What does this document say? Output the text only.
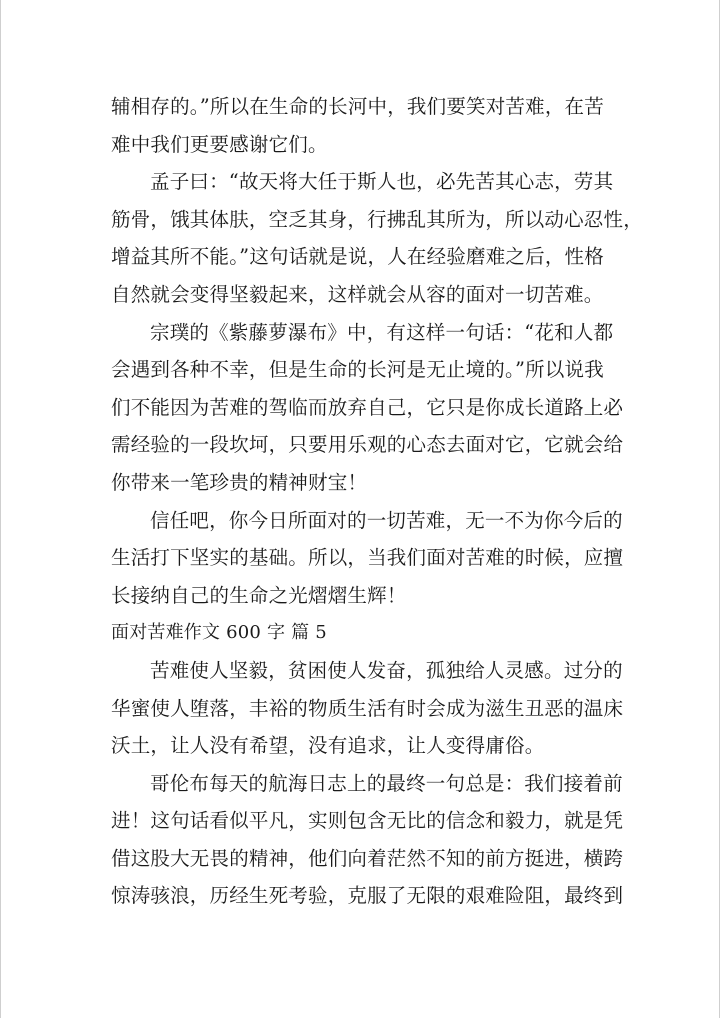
辅相存的。”所以在生命的长河中，我们要笑对苦难，在苦
难中我们更要感谢它们。
孟子曰：“故天将大任于斯人也，必先苦其心志，劳其
筋骨，饿其体肤，空乏其身，行拂乱其所为，所以动心忍性，
增益其所不能。”这句话就是说，人在经验磨难之后，性格
自然就会变得坚毅起来，这样就会从容的面对一切苦难。
宗璞的《紫藤萝瀑布》中，有这样一句话：“花和人都
会遇到各种不幸，但是生命的长河是无止境的。”所以说我
们不能因为苦难的驾临而放弃自己，它只是你成长道路上必
需经验的一段坎坷，只要用乐观的心态去面对它，它就会给
你带来一笔珍贵的精神财宝！
信任吧，你今日所面对的一切苦难，无一不为你今后的
生活打下坚实的基础。所以，当我们面对苦难的时候，应擅
长接纳自己的生命之光熠熠生辉！
面对苦难作文 600 字 篇 5
苦难使人坚毅，贫困使人发奋，孤独给人灵感。过分的
华蜜使人堕落，丰裕的物质生活有时会成为滋生丑恶的温床
沃土，让人没有希望，没有追求，让人变得庸俗。
哥伦布每天的航海日志上的最终一句总是：我们接着前
进！这句话看似平凡，实则包含无比的信念和毅力，就是凭
借这股大无畏的精神，他们向着茫然不知的前方挺进，横跨
惊涛骇浪，历经生死考验，克服了无限的艰难险阻，最终到
